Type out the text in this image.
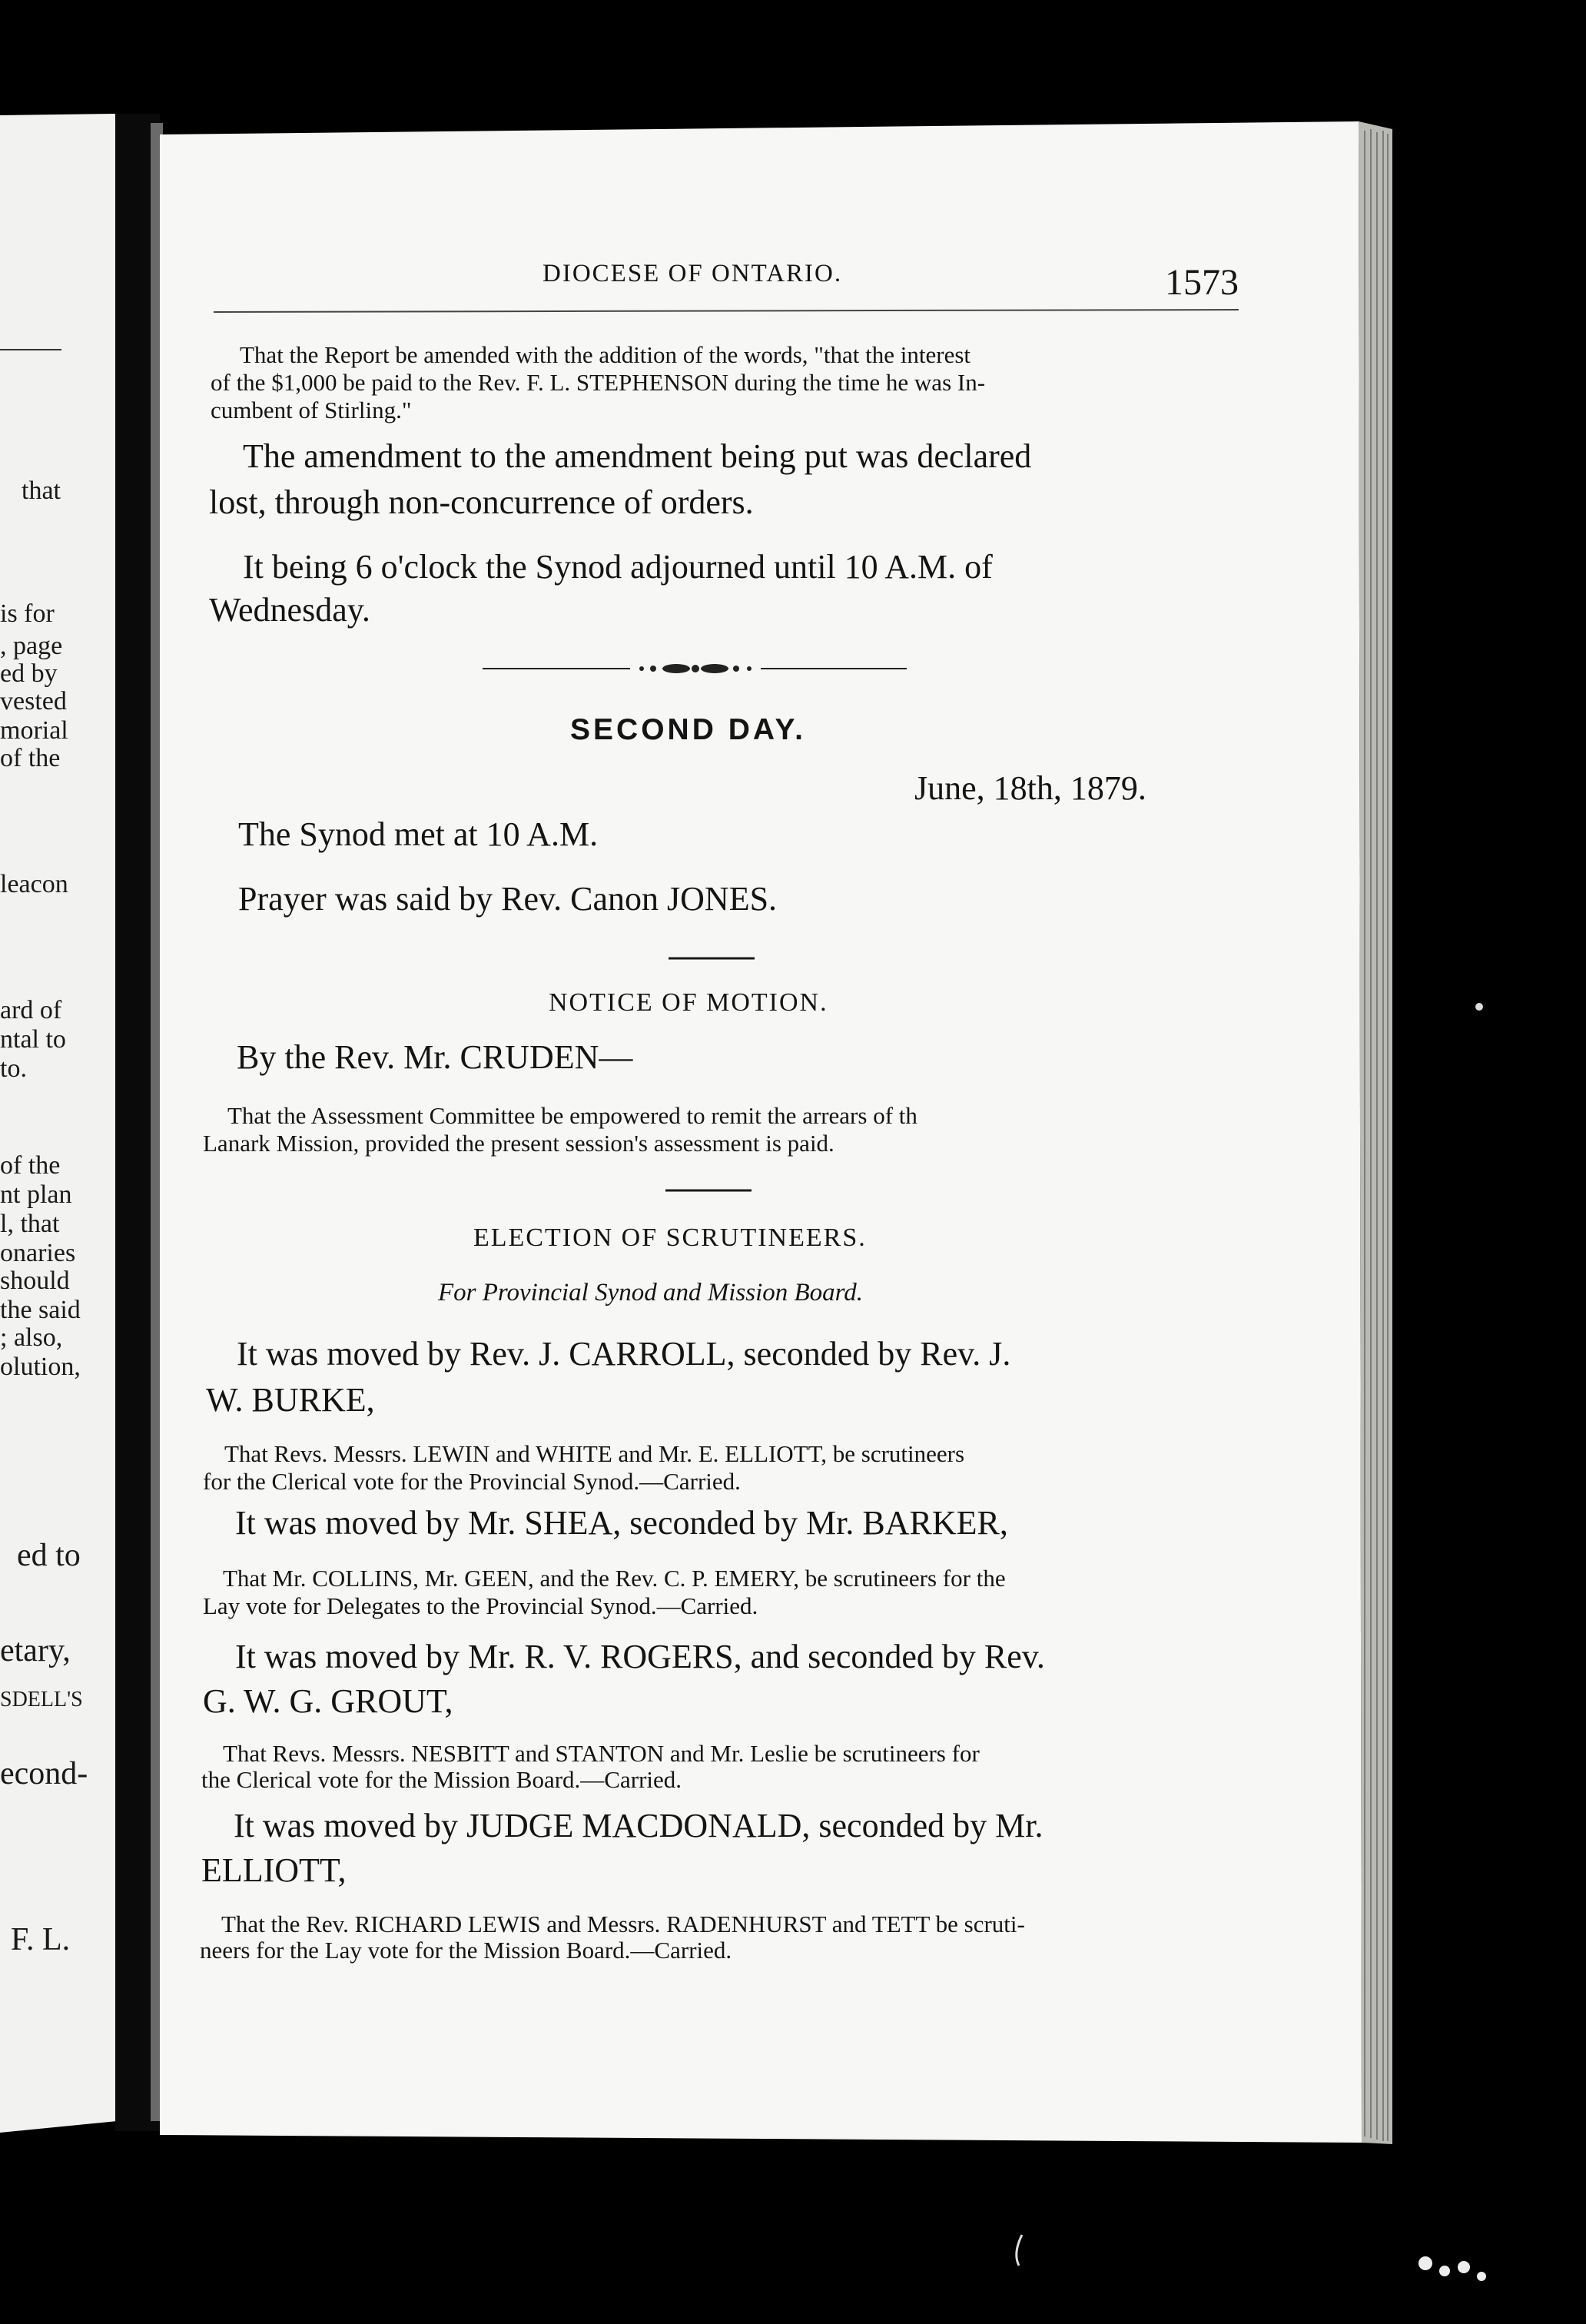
that
is for
, page
ed by
vested
morial
of the
leacon
ard of
ntal to
to.
of the
nt plan
l, that
onaries
should
the said
; also,
olution,
ed to
etary,
SDELL'S
econd-
F. L.
DIOCESE OF ONTARIO.	1573
That the Report be amended with the addition of the words, "that the interest
of the $1,000 be paid to the Rev. F. L. STEPHENSON during the time he was In-
cumbent of Stirling."
The amendment to the amendment being put was declared
lost, through non-concurrence of orders.
It being 6 o'clock the Synod adjourned until 10 A.M. of
Wednesday.
SECOND DAY.
June, 18th, 1879.
The Synod met at 10 A.M.
Prayer was said by Rev. Canon JONES.
NOTICE OF MOTION.
By the Rev. Mr. CRUDEN—
That the Assessment Committee be empowered to remit the arrears of th
Lanark Mission, provided the present session's assessment is paid.
ELECTION OF SCRUTINEERS.
For Provincial Synod and Mission Board.
It was moved by Rev. J. CARROLL, seconded by Rev. J.
W. BURKE,
That Revs. Messrs. LEWIN and WHITE and Mr. E. ELLIOTT, be scrutineers
for the Clerical vote for the Provincial Synod.—Carried.
It was moved by Mr. SHEA, seconded by Mr. BARKER,
That Mr. COLLINS, Mr. GEEN, and the Rev. C. P. EMERY, be scrutineers for the
Lay vote for Delegates to the Provincial Synod.—Carried.
It was moved by Mr. R. V. ROGERS, and seconded by Rev.
G. W. G. GROUT,
That Revs. Messrs. NESBITT and STANTON and Mr. Leslie be scrutineers for
the Clerical vote for the Mission Board.—Carried.
It was moved by JUDGE MACDONALD, seconded by Mr.
ELLIOTT,
That the Rev. RICHARD LEWIS and Messrs. RADENHURST and TETT be scruti-
neers for the Lay vote for the Mission Board.—Carried.
